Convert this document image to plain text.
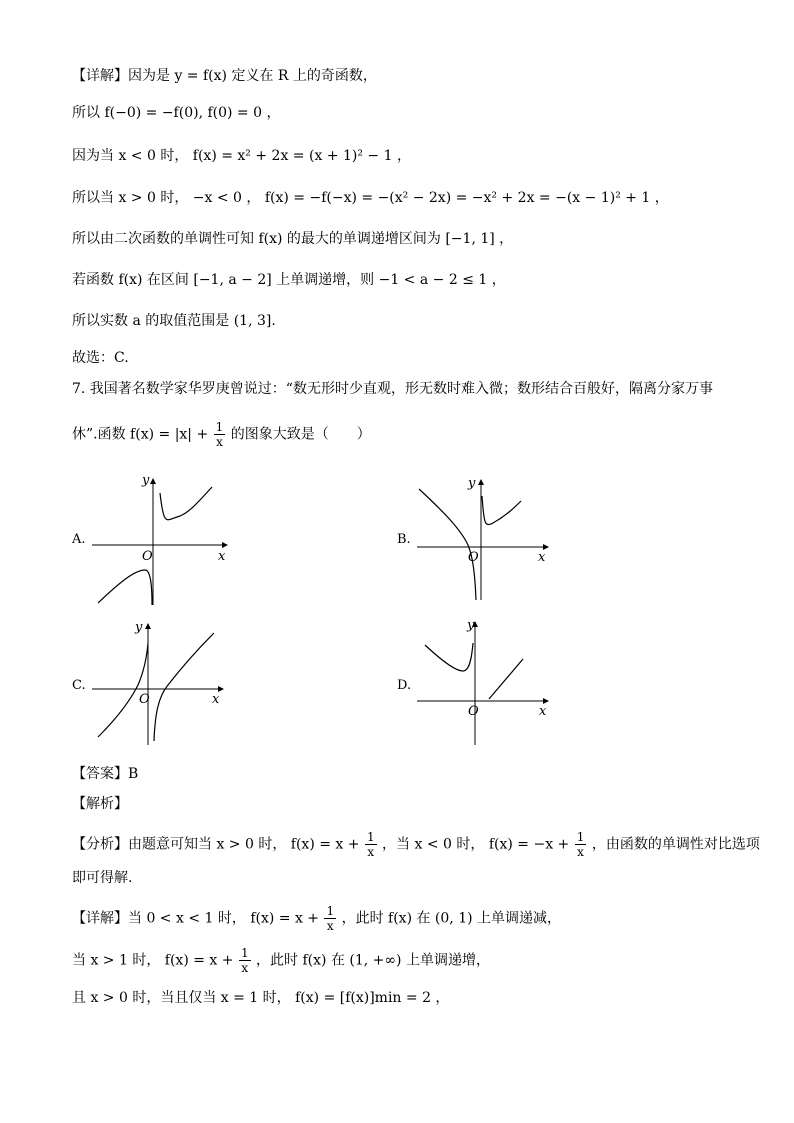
【详解】因为是 y = f(x) 定义在 R 上的奇函数，
所以 f(−0) = −f(0), f(0) = 0 ，
因为当 x < 0 时， f(x) = x² + 2x = (x + 1)² − 1 ，
所以当 x > 0 时， −x < 0 ， f(x) = −f(−x) = −(x² − 2x) = −x² + 2x = −(x − 1)² + 1 ，
所以由二次函数的单调性可知 f(x) 的最大的单调递增区间为 [−1, 1] ，
若函数 f(x) 在区间 [−1, a − 2] 上单调递增，则 −1 < a − 2 ≤ 1 ，
所以实数 a 的取值范围是 (1, 3].
故选：C.
7. 我国著名数学家华罗庚曾说过：“数无形时少直观，形无数时难入微；数形结合百般好，隔离分家万事
休”.函数 $f(x) = |x| + \frac{1}{x}$ 的图象大致是（　　）
A.
x
y
O
B.
x
y
O
C.
x
y
O
D.
x
y
O
【答案】B
【解析】
【分析】由题意可知当 x > 0 时， $f(x) = x + \frac{1}{x}$ ，当 x < 0 时， $f(x) = -x + \frac{1}{x}$ ，由函数的单调性对比选项
即可得解.
【详解】当 0 < x < 1 时， $f(x) = x + \frac{1}{x}$ ，此时 f(x) 在 (0, 1) 上单调递减，
当 x > 1 时， $f(x) = x + \frac{1}{x}$ ，此时 f(x) 在 (1, +∞) 上单调递增，
且 x > 0 时，当且仅当 x = 1 时， f(x) = [f(x)]min = 2 ，
